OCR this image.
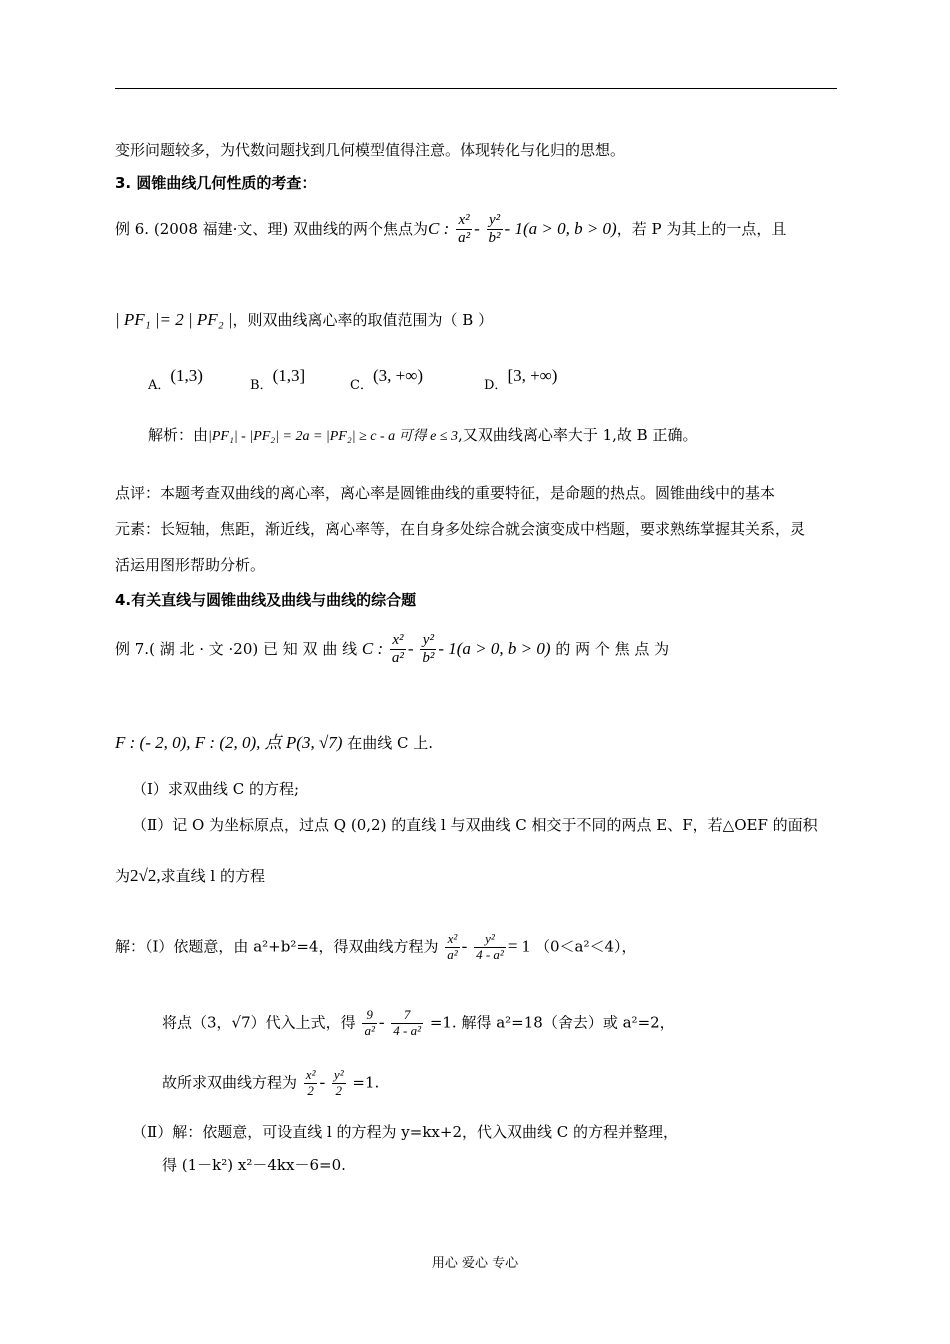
变形问题较多，为代数问题找到几何模型值得注意。体现转化与化归的思想。
3. 圆锥曲线几何性质的考查：
例 6. (2008 福建·文、理) 双曲线的两个焦点为C : $\frac{\text{x²}}{\text{a²}} - \frac{\text{y²}}{\text{b²}} - 1(a > 0$, b > 0)，若 P 为其上的一点，且
| PF₁ |= 2 | PF₂ |，则双曲线离心率的取值范围为（ B ）
A．(1,3)
B．(1,3]
C．(3, +∞)
D．[3, +∞)
解析：由|PF₁| - |PF₂| = 2a = |PF₂| ≥ c - a 可得 e ≤ 3,又双曲线离心率大于 1,故 B 正确。
点评：本题考查双曲线的离心率，离心率是圆锥曲线的重要特征，是命题的热点。圆锥曲线中的基本
元素：长短轴，焦距，渐近线，离心率等，在自身多处综合就会演变成中档题，要求熟练掌握其关系，灵
活运用图形帮助分析。
4.有关直线与圆锥曲线及曲线与曲线的综合题
例 7.( 湖 北 · 文 ·20) 已 知 双 曲 线 C : $\frac{\text{x²}}{\text{a²}} - \frac{\text{y²}}{\text{b²}} - 1(a > 0$, b > 0) 的 两 个 焦 点 为
F : (- 2, 0), F : (2, 0), 点 P(3, √7) 在曲线 C 上.
（Ⅰ）求双曲线 C 的方程;
（Ⅱ）记 O 为坐标原点，过点 Q (0,2) 的直线 l 与双曲线 C 相交于不同的两点 E、F，若△OEF 的面积
为2√2,求直线 l 的方程
解：（Ⅰ）依题意，由 a²+b²=4，得双曲线方程为 $\frac{\text{x²}}{\text{a²}} - \frac{\text{y²}}{\text{4 - a²}} = 1$ （0＜a²＜4），
将点（3，√7）代入上式，得 $\frac{9}{\text{a²}} - \frac{7}{\text{4 - a²}} =1$. 解得 a²=18（舍去）或 a²=2，
故所求双曲线方程为 $\frac{\text{x²}}{2} - \frac{\text{y²}}{2} =1$.
（Ⅱ）解：依题意，可设直线 l 的方程为 y=kx+2，代入双曲线 C 的方程并整理，
得 (1－k²) x²－4kx－6=0.
用心 爱心 专心
